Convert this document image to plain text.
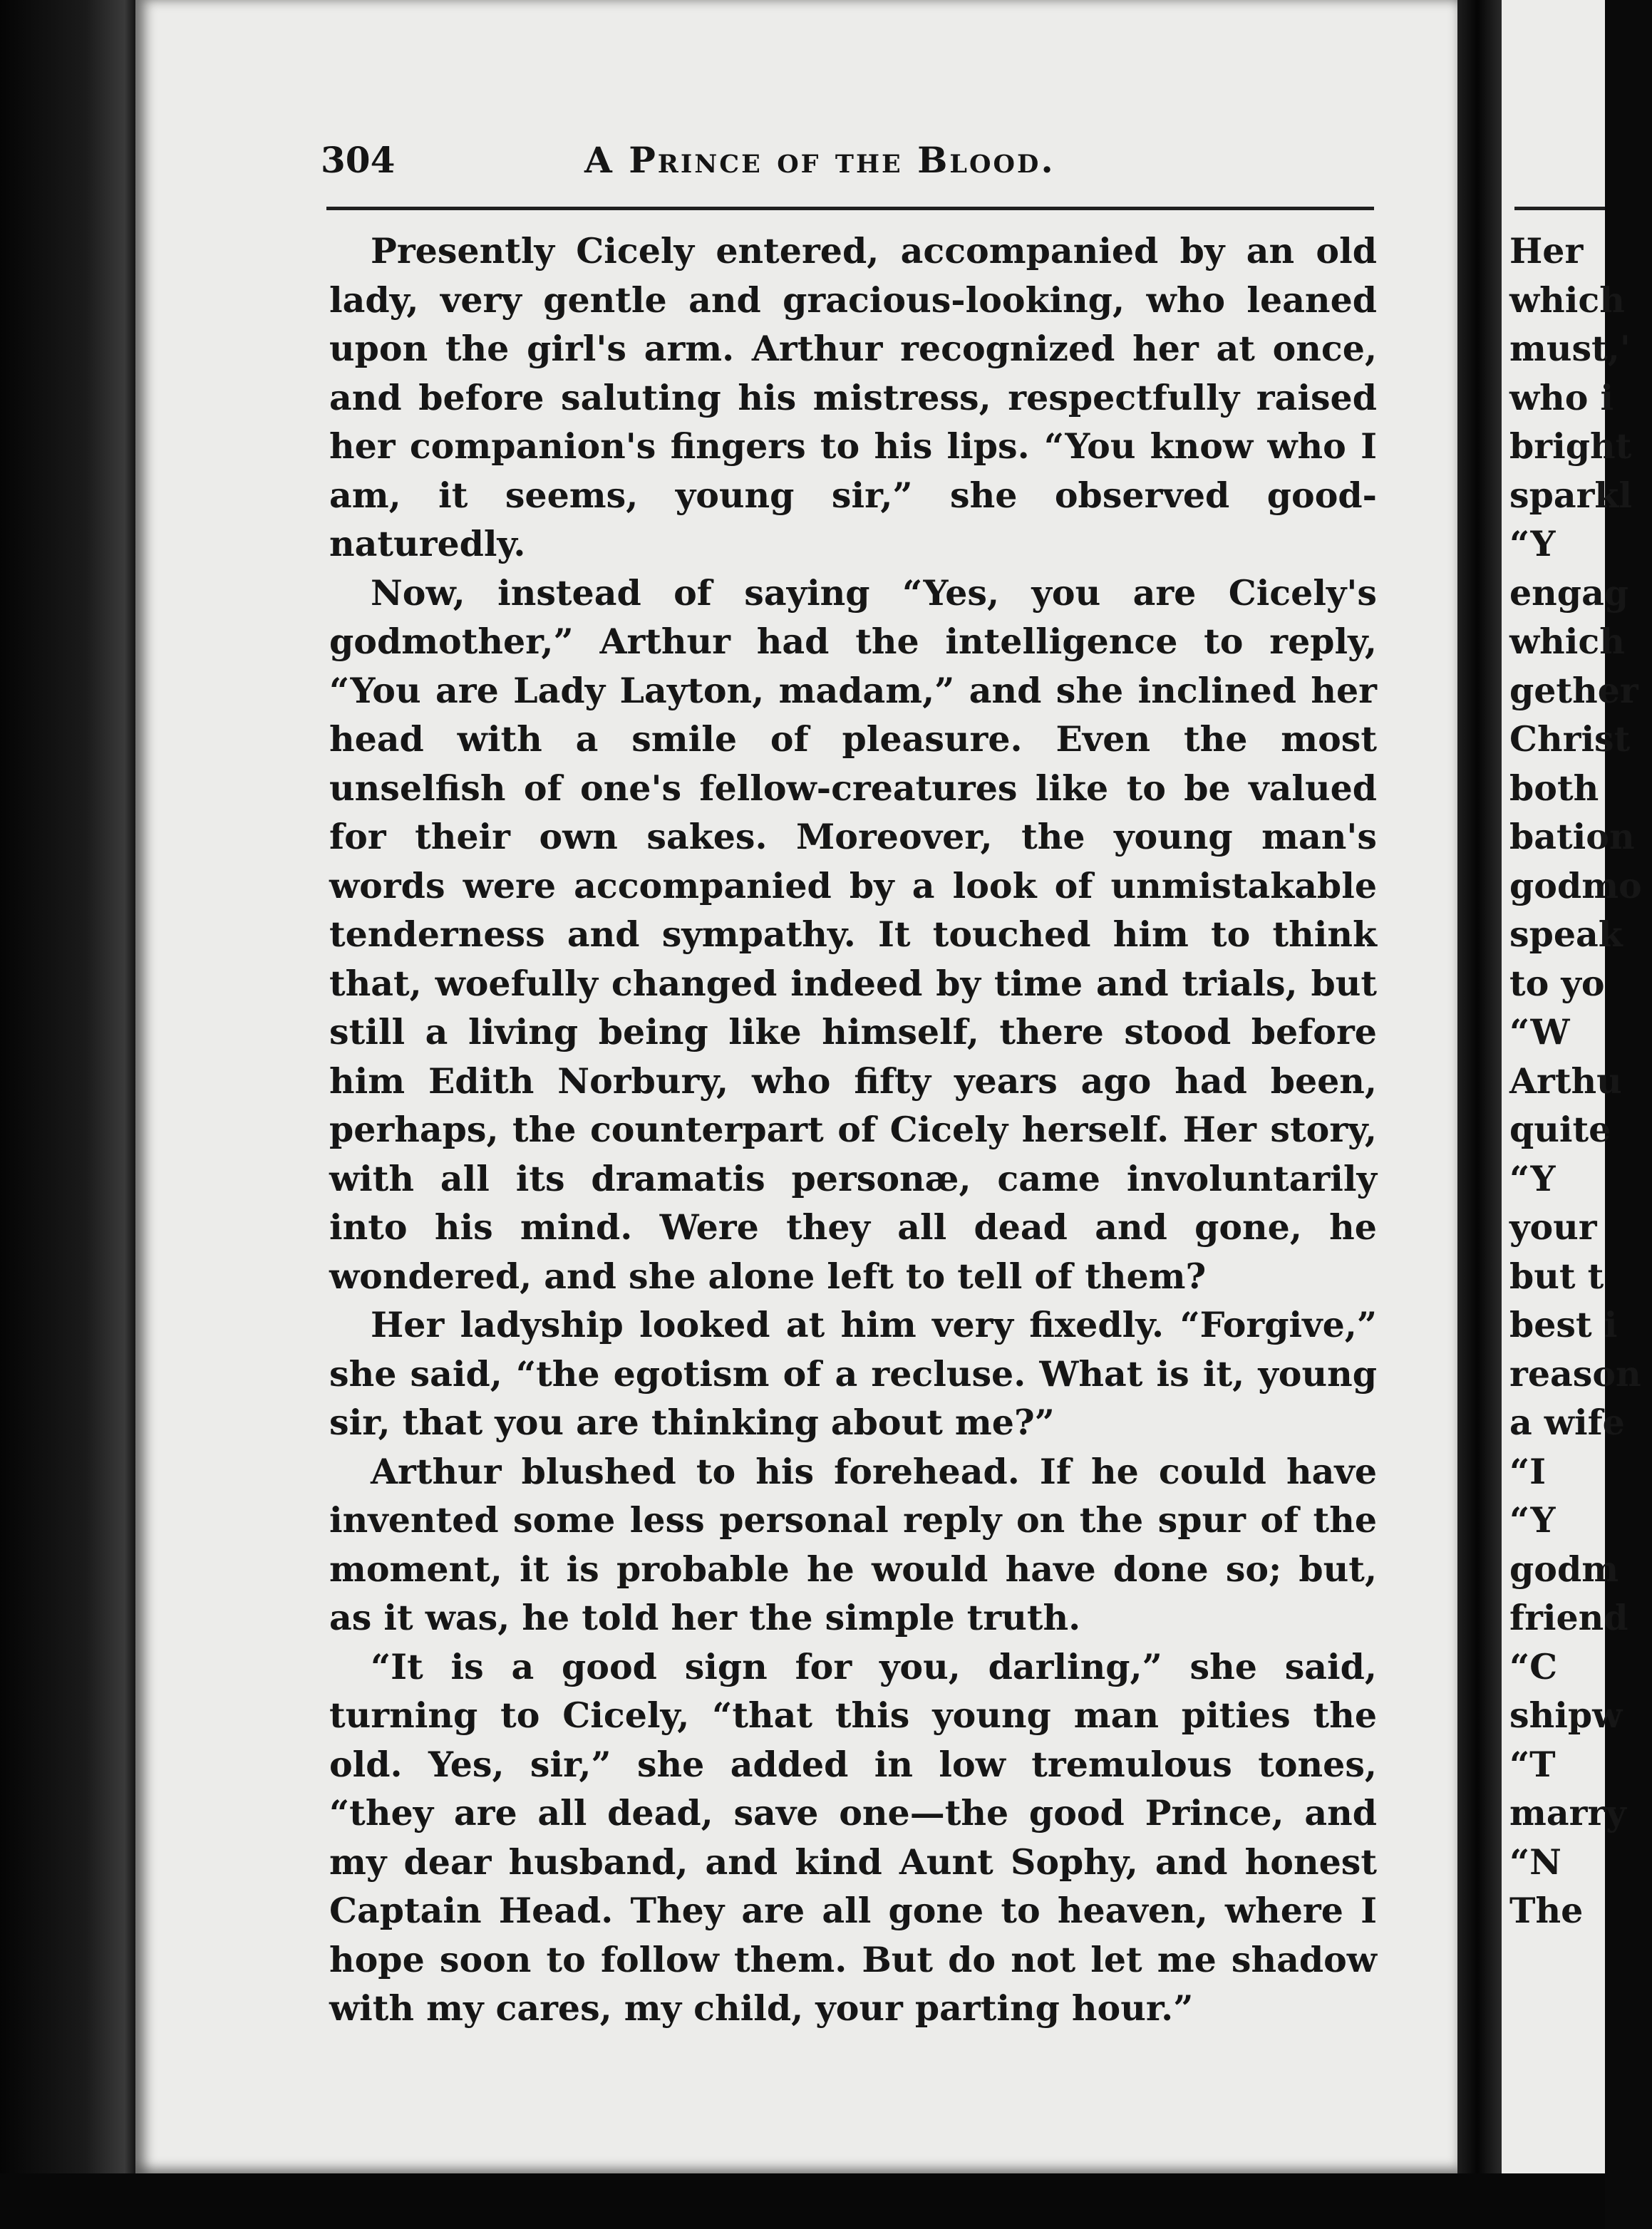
304	A Prince of the Blood.

Presently Cicely entered, accompanied by an old lady, very gentle and gracious-looking, who leaned upon the girl's arm. Arthur recognized her at once, and before saluting his mistress, respectfully raised her companion's fingers to his lips. “You know who I am, it seems, young sir,” she observed good-naturedly.

Now, instead of saying “Yes, you are Cicely's godmother,” Arthur had the intelligence to reply, “You are Lady Layton, madam,” and she inclined her head with a smile of pleasure. Even the most unselfish of one's fellow-creatures like to be valued for their own sakes. Moreover, the young man's words were accompanied by a look of unmistakable tenderness and sympathy. It touched him to think that, woefully changed indeed by time and trials, but still a living being like himself, there stood before him Edith Norbury, who fifty years ago had been, perhaps, the counterpart of Cicely herself. Her story, with all its dramatis personæ, came involuntarily into his mind. Were they all dead and gone, he wondered, and she alone left to tell of them?

Her ladyship looked at him very fixedly. “Forgive,” she said, “the egotism of a recluse. What is it, young sir, that you are thinking about me?”

Arthur blushed to his forehead. If he could have invented some less personal reply on the spur of the moment, it is probable he would have done so; but, as it was, he told her the simple truth.

“It is a good sign for you, darling,” she said, turning to Cicely, “that this young man pities the old. Yes, sir,” she added in low tremulous tones, “they are all dead, save one—the good Prince, and my dear husband, and kind Aunt Sophy, and honest Captain Head. They are all gone to heaven, where I hope soon to follow them. But do not let me shadow with my cares, my child, your parting hour.”

Her
which
must,'
who i
bright
sparkl
“Y
engag
which
gether
Christ
both
bation
godmo
speak
to yo
“W
Arthu
quite
“Y
your
but t
best i
reason
a wife
“I
“Y
godm
friend
“C
shipw
“T
marry
“N
The
